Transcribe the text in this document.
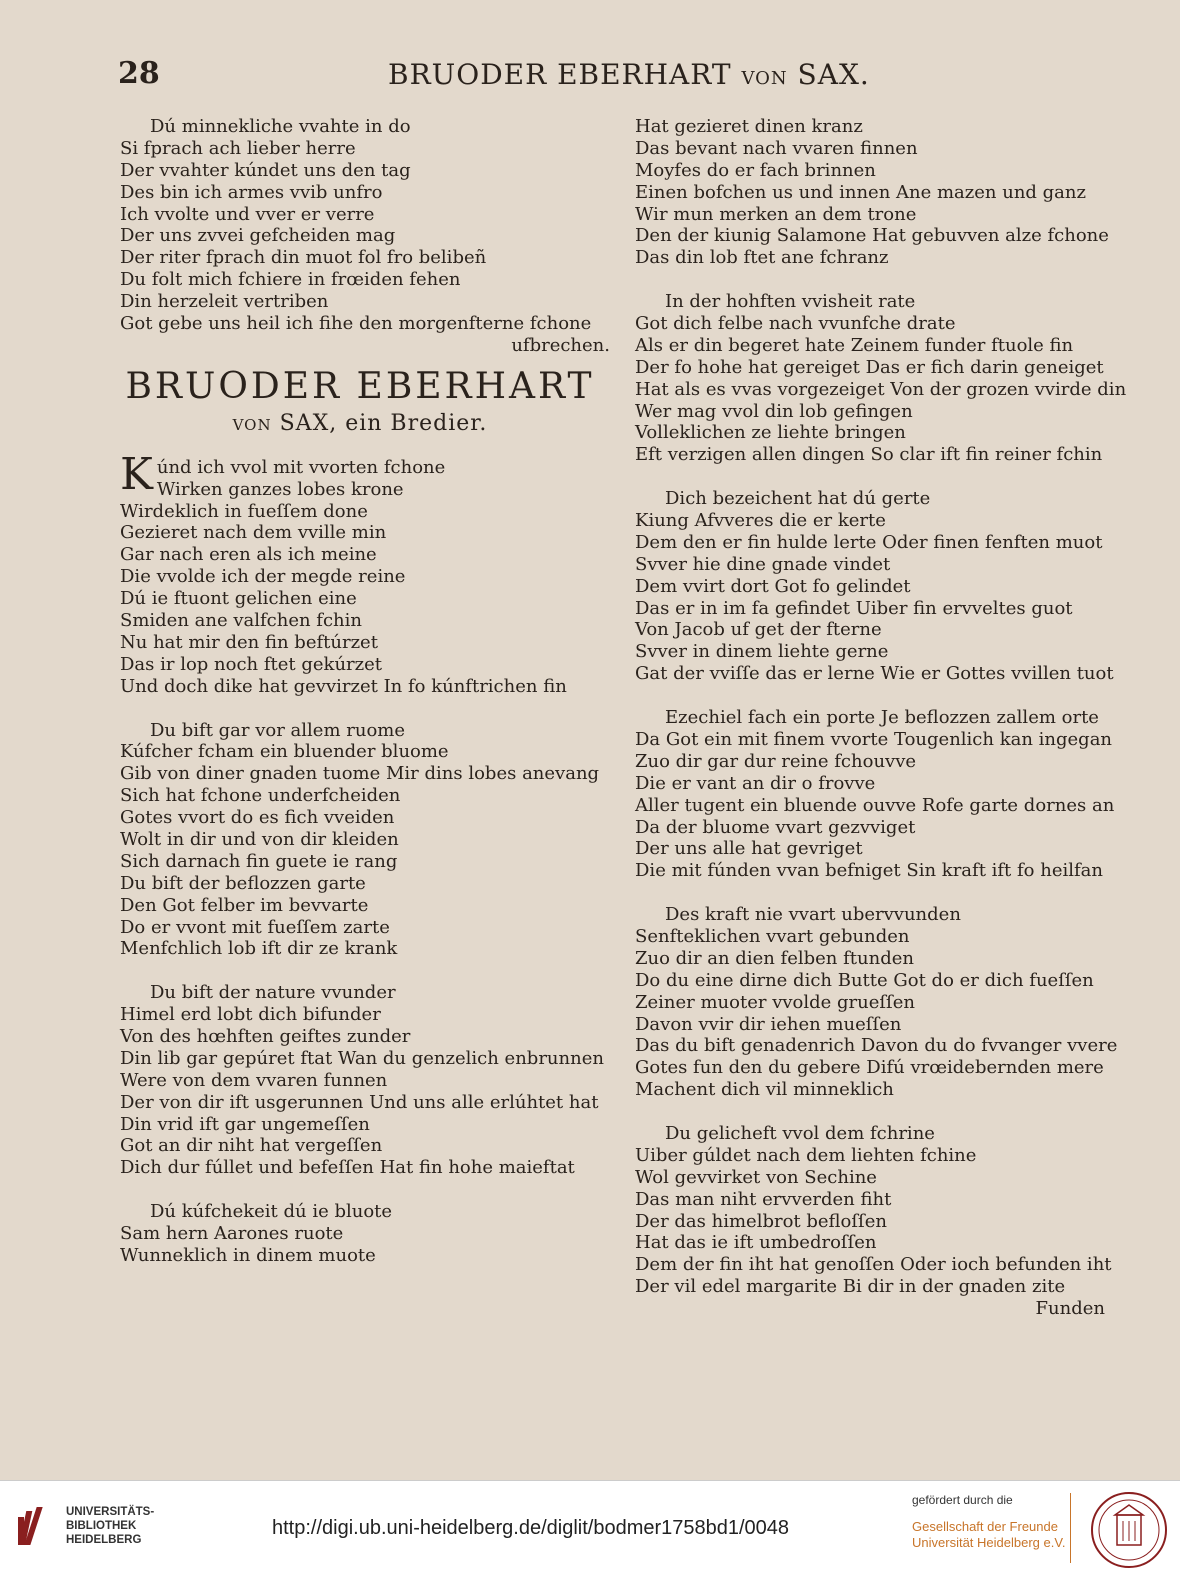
28	BRUODER EBERHART VON SAX.
Dú minnekliche vvahte in do
Si fprach ach lieber herre
Der vvahter kúndet uns den tag
Des bin ich armes vvib unfro
Ich vvolte und vver er verre
Der uns zvvei gefcheiden mag
Der riter fprach din muot fol fro belibeñ
Du folt mich fchiere in frœiden fehen
Din herzeleit vertriben
Got gebe uns heil ich fihe den morgenfterne fchone
ufbrechen.
BRUODER EBERHART
VON SAX, ein Bredier.
K únd ich vvol mit vvorten fchone
Wirken ganzes lobes krone
Wirdeklich in fueſſem done
Gezieret nach dem vville min
Gar nach eren als ich meine
Die vvolde ich der megde reine
Dú ie ftuont gelichen eine
Smiden ane valfchen fchin
Nu hat mir den fin beftúrzet
Das ir lop noch ftet gekúrzet
Und doch dike hat gevvirzet In fo kúnftrichen fin
Du bift gar vor allem ruome
Kúfcher fcham ein bluender bluome
Gib von diner gnaden tuome Mir dins lobes anevang
Sich hat fchone underfcheiden
Gotes vvort do es fich vveiden
Wolt in dir und von dir kleiden
Sich darnach fin guete ie rang
Du bift der beflozzen garte
Den Got felber im bevvarte
Do er vvont mit fueſſem zarte
Menfchlich lob ift dir ze krank
Du bift der nature vvunder
Himel erd lobt dich bifunder
Von des hœhften geiftes zunder
Din lib gar gepúret ftat Wan du genzelich enbrunnen
Were von dem vvaren funnen
Der von dir ift usgerunnen Und uns alle erlúhtet hat
Din vrid ift gar ungemeſſen
Got an dir niht hat vergeſſen
Dich dur fúllet und befeſſen Hat fin hohe maieftat
Dú kúfchekeit dú ie bluote
Sam hern Aarones ruote
Wunneklich in dinem muote
Hat gezieret dinen kranz
Das bevant nach vvaren finnen
Moyfes do er fach brinnen
Einen bofchen us und innen Ane mazen und ganz
Wir mun merken an dem trone
Den der kiunig Salamone Hat gebuvven alze fchone
Das din lob ftet ane fchranz
In der hohften vvisheit rate
Got dich felbe nach vvunfche drate
Als er din begeret hate Zeinem funder ftuole fin
Der fo hohe hat gereiget Das er fich darin geneiget
Hat als es vvas vorgezeiget Von der grozen vvirde din
Wer mag vvol din lob gefingen
Volleklichen ze liehte bringen
Eft verzigen allen dingen So clar ift fin reiner fchin
Dich bezeichent hat dú gerte
Kiung Afvveres die er kerte
Dem den er fin hulde lerte Oder finen fenften muot
Svver hie dine gnade vindet
Dem vvirt dort Got fo gelindet
Das er in im fa gefindet Uiber fin ervveltes guot
Von Jacob uf get der fterne
Svver in dinem liehte gerne
Gat der vviſſe das er lerne Wie er Gottes vvillen tuot
Ezechiel fach ein porte Je beflozzen zallem orte
Da Got ein mit finem vvorte Tougenlich kan ingegan
Zuo dir gar dur reine fchouvve
Die er vant an dir o frovve
Aller tugent ein bluende ouvve Rofe garte dornes an
Da der bluome vvart gezvviget
Der uns alle hat gevriget
Die mit fúnden vvan befniget Sin kraft ift fo heilfan
Des kraft nie vvart ubervvunden
Senfteklichen vvart gebunden
Zuo dir an dien felben ftunden
Do du eine dirne dich Butte Got do er dich fueſſen
Zeiner muoter vvolde grueſſen
Davon vvir dir iehen mueſſen
Das du bift genadenrich Davon du do fvvanger vvere
Gotes fun den du gebere Difú vrœidebernden mere
Machent dich vil minneklich
Du gelicheft vvol dem fchrine
Uiber gúldet nach dem liehten fchine
Wol gevvirket von Sechine
Das man niht ervverden fiht
Der das himelbrot befloſſen
Hat das ie ift umbedroſſen
Dem der fin iht hat genoſſen Oder ioch befunden iht
Der vil edel margarite Bi dir in der gnaden zite
Funden
UNIVERSITÄTS-
BIBLIOTHEK
HEIDELBERG
http://digi.ub.uni-heidelberg.de/diglit/bodmer1758bd1/0048
gefördert durch die
Gesellschaft der Freunde
Universität Heidelberg e.V.
